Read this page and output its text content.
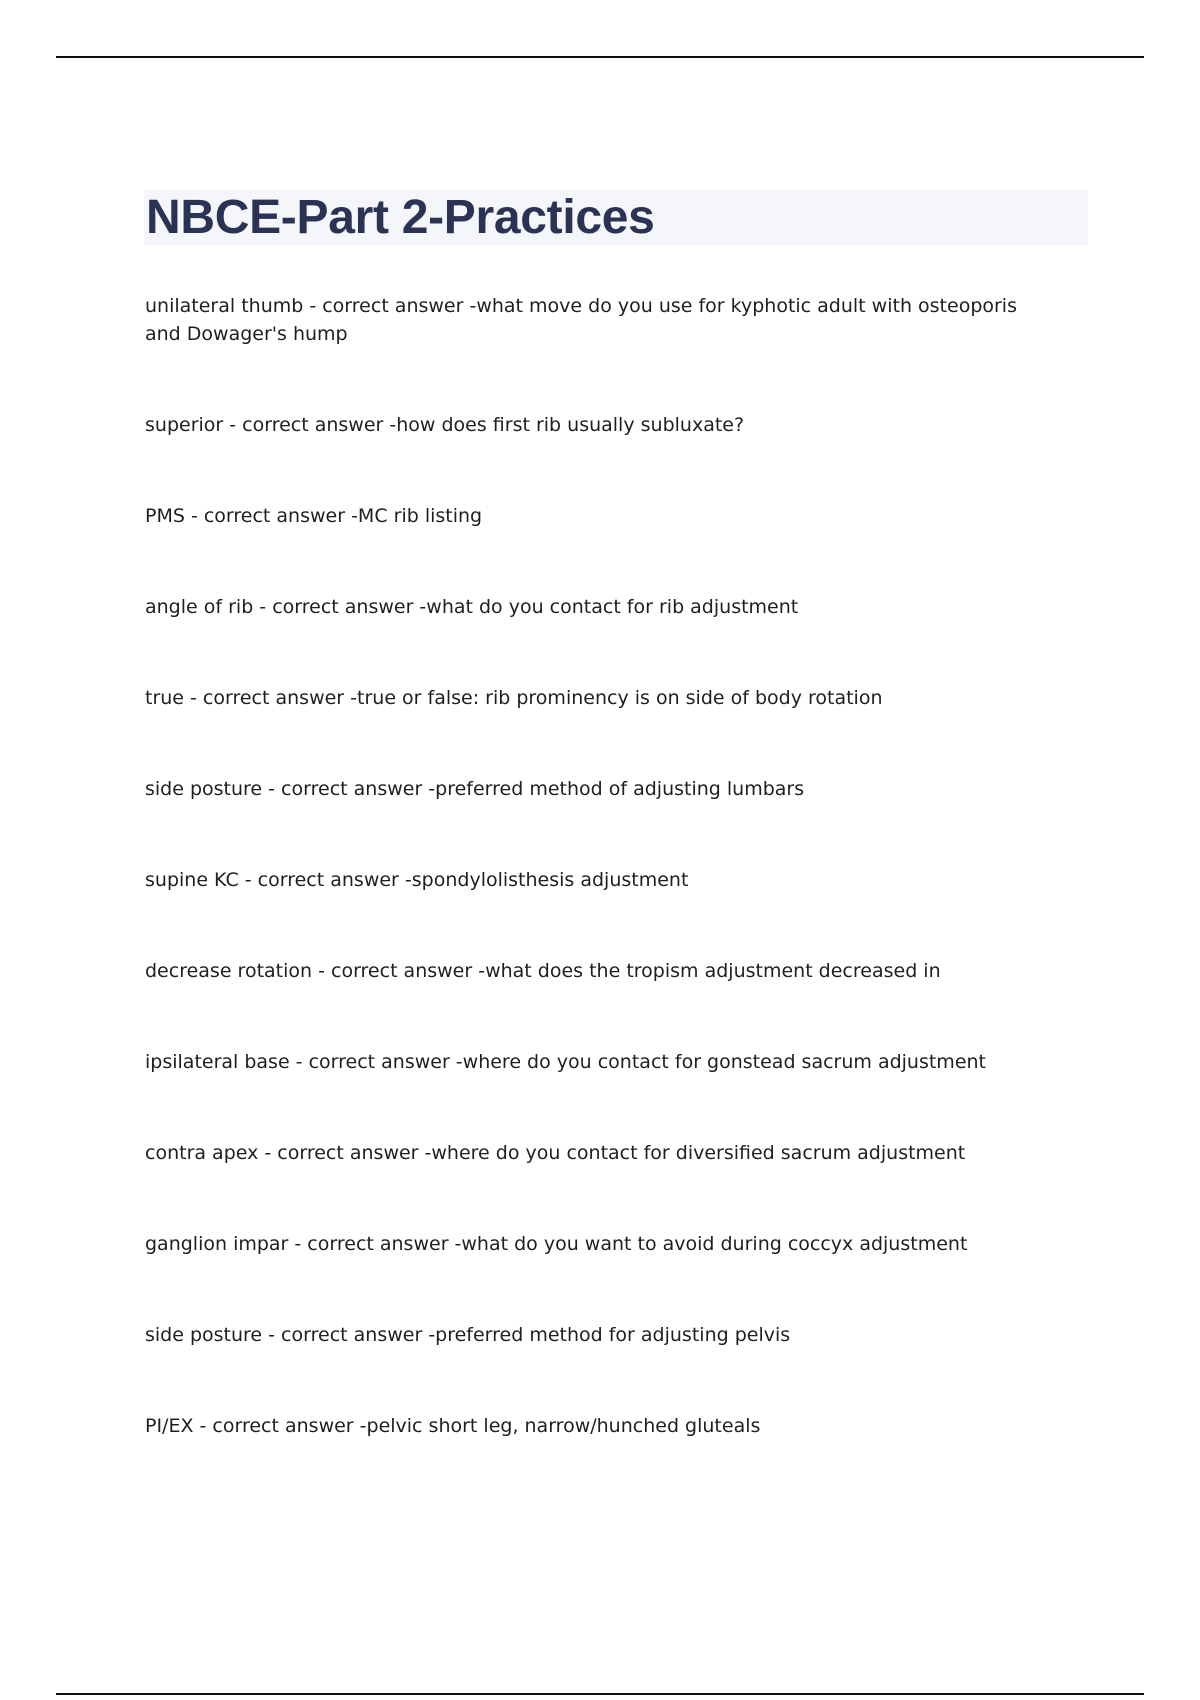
NBCE-Part 2-Practices
unilateral thumb - correct answer -what move do you use for kyphotic adult with osteoporis and Dowager's hump
superior - correct answer -how does first rib usually subluxate?
PMS - correct answer -MC rib listing
angle of rib - correct answer -what do you contact for rib adjustment
true - correct answer -true or false: rib prominency is on side of body rotation
side posture - correct answer -preferred method of adjusting lumbars
supine KC - correct answer -spondylolisthesis adjustment
decrease rotation - correct answer -what does the tropism adjustment decreased in
ipsilateral base - correct answer -where do you contact for gonstead sacrum adjustment
contra apex - correct answer -where do you contact for diversified sacrum adjustment
ganglion impar - correct answer -what do you want to avoid during coccyx adjustment
side posture - correct answer -preferred method for adjusting pelvis
PI/EX - correct answer -pelvic short leg, narrow/hunched gluteals
